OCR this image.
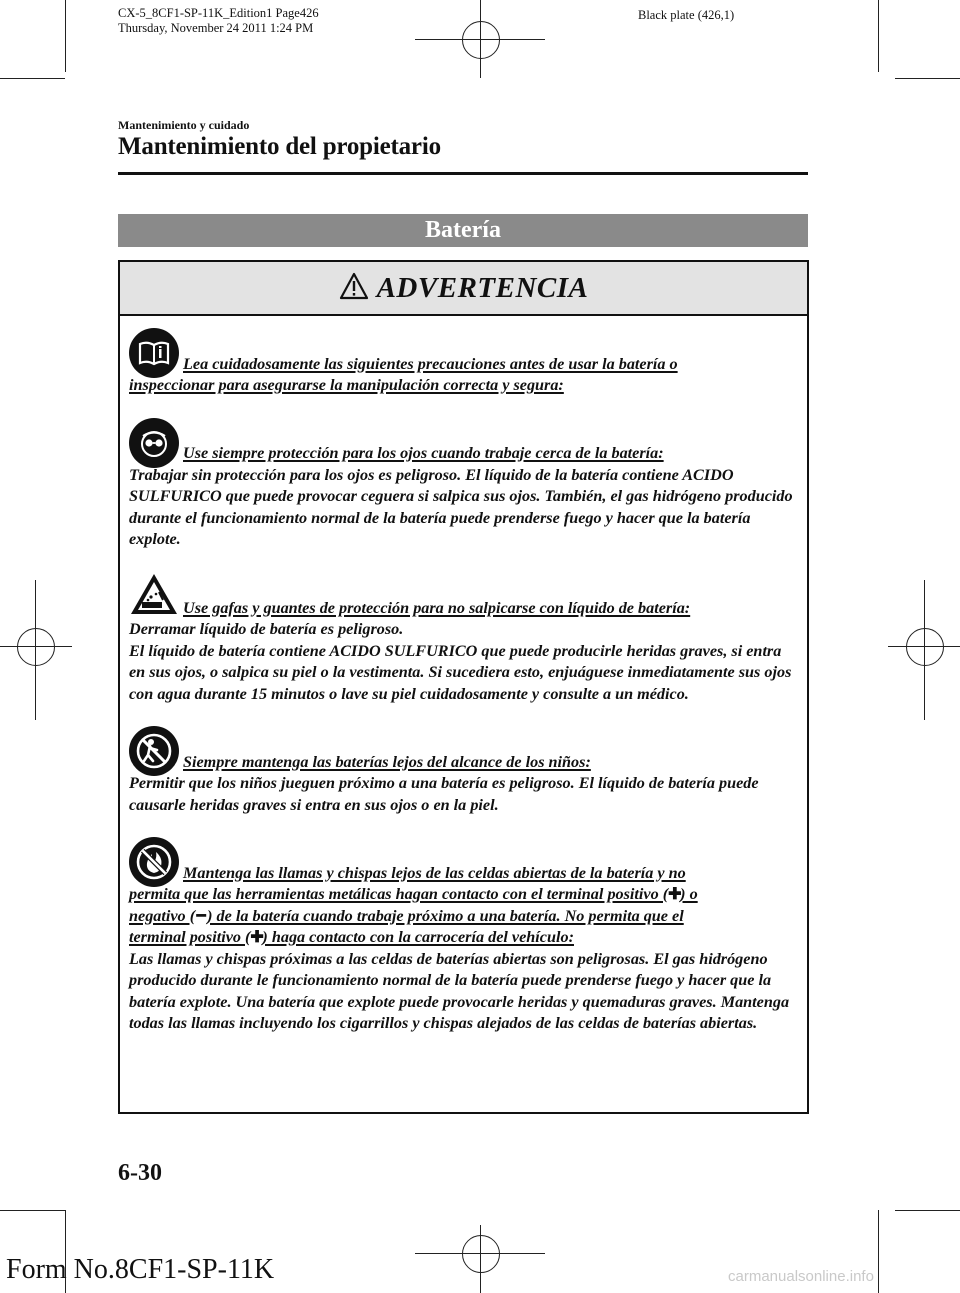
CX-5_8CF1-SP-11K_Edition1 Page426
Thursday, November 24 2011 1:24 PM
Black plate (426,1)
Mantenimiento y cuidado
Mantenimiento del propietario
Batería
ADVERTENCIA
Lea cuidadosamente las siguientes precauciones antes de usar la batería o
inspeccionar para asegurarse la manipulación correcta y segura:
Use siempre protección para los ojos cuando trabaje cerca de la batería:
Trabajar sin protección para los ojos es peligroso. El líquido de la batería contiene ACIDO SULFURICO que puede provocar ceguera si salpica sus ojos. También, el gas hidrógeno producido durante el funcionamiento normal de la batería puede prenderse fuego y hacer que la batería explote.
Use gafas y guantes de protección para no salpicarse con líquido de batería:
Derramar líquido de batería es peligroso.
El líquido de batería contiene ACIDO SULFURICO que puede producirle heridas graves, si entra en sus ojos, o salpica su piel o la vestimenta. Si sucediera esto, enjuáguese inmediatamente sus ojos con agua durante 15 minutos o lave su piel cuidadosamente y consulte a un médico.
Siempre mantenga las baterías lejos del alcance de los niños:
Permitir que los niños jueguen próximo a una batería es peligroso. El líquido de batería puede causarle heridas graves si entra en sus ojos o en la piel.
Mantenga las llamas y chispas lejos de las celdas abiertas de la batería y no
permita que las herramientas metálicas hagan contacto con el terminal positivo (✚) o
negativo (━) de la batería cuando trabaje próximo a una batería. No permita que el
terminal positivo (✚) haga contacto con la carrocería del vehículo:
Las llamas y chispas próximas a las celdas de baterías abiertas son peligrosas. El gas hidrógeno producido durante le funcionamiento normal de la batería puede prenderse fuego y hacer que la batería explote. Una batería que explote puede provocarle heridas y quemaduras graves. Mantenga todas las llamas incluyendo los cigarrillos y chispas alejados de las celdas de baterías abiertas.
6-30
Form No.8CF1-SP-11K	carmanualsonline.info
